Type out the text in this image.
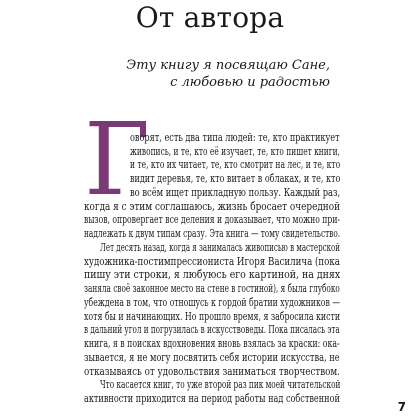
От автора
Эту книгу я посвящаю Сане,
с любовью и радостью
Г
оворят, есть два типа людей: те, кто практикует
живопись, и те, кто её изучает, те, кто пишет книги,
и те, кто их читает, те, кто смотрит на лес, и те, кто
видит деревья, те, кто витает в облаках, и те, кто
во всём ищет прикладную пользу. Каждый раз,
когда я с этим соглашаюсь, жизнь бросает очередной
вызов, опровергает все деления и доказывает, что можно при-
надлежать к двум типам сразу. Эта книга — тому свидетельство.
Лет десять назад, когда я занималась живописью в мастерской
художника-постимпрессиониста Игоря Василича (пока
пишу эти строки, я любуюсь его картиной, на днях
заняла своё законное место на стене в гостиной), я была глубоко
убеждена в том, что отношусь к гордой братии художников —
хотя бы и начинающих. Но прошло время, я забросила кисти
в дальний угол и погрузилась в искусствоведы. Пока писалась эта
книга, я в поисках вдохновения вновь взялась за краски: ока-
зывается, я не могу посвятить себя истории искусства, не
отказываясь от удовольствия заниматься творчеством.
Что касается книг, то уже второй раз пик моей читательской
активности приходится на период работы над собственной
7
